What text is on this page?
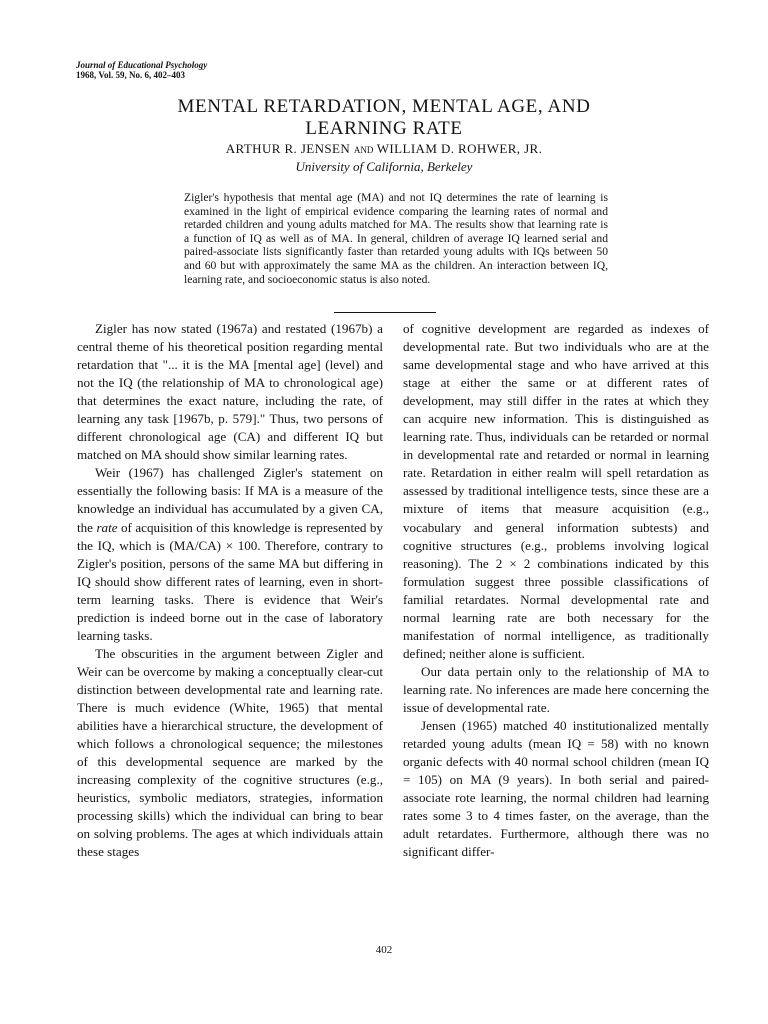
Journal of Educational Psychology
1968, Vol. 59, No. 6, 402–403
MENTAL RETARDATION, MENTAL AGE, AND
LEARNING RATE
ARTHUR R. JENSEN AND WILLIAM D. ROHWER, JR.
University of California, Berkeley
Zigler's hypothesis that mental age (MA) and not IQ determines the rate of learning is examined in the light of empirical evidence comparing the learning rates of normal and retarded children and young adults matched for MA. The results show that learning rate is a function of IQ as well as of MA. In general, children of average IQ learned serial and paired-associate lists significantly faster than retarded young adults with IQs between 50 and 60 but with approximately the same MA as the children. An interaction between IQ, learning rate, and socioeconomic status is also noted.

Zigler has now stated (1967a) and restated (1967b) a central theme of his theoretical position regarding mental retardation that "... it is the MA [mental age] (level) and not the IQ (the relationship of MA to chronological age) that determines the exact nature, including the rate, of learning any task [1967b, p. 579]." Thus, two persons of different chronological age (CA) and different IQ but matched on MA should show similar learning rates.

Weir (1967) has challenged Zigler's statement on essentially the following basis: If MA is a measure of the knowledge an individual has accumulated by a given CA, the rate of acquisition of this knowledge is represented by the IQ, which is (MA/CA) × 100. Therefore, contrary to Zigler's position, persons of the same MA but differing in IQ should show different rates of learning, even in short-term learning tasks. There is evidence that Weir's prediction is indeed borne out in the case of laboratory learning tasks.

The obscurities in the argument between Zigler and Weir can be overcome by making a conceptually clear-cut distinction between developmental rate and learning rate. There is much evidence (White, 1965) that mental abilities have a hierarchical structure, the development of which follows a chronological sequence; the milestones of this developmental sequence are marked by the increasing complexity of the cognitive structures (e.g., heuristics, symbolic mediators, strategies, information processing skills) which the individual can bring to bear on solving problems. The ages at which individuals attain these stages

of cognitive development are regarded as indexes of developmental rate. But two individuals who are at the same developmental stage and who have arrived at this stage at either the same or at different rates of development, may still differ in the rates at which they can acquire new information. This is distinguished as learning rate. Thus, individuals can be retarded or normal in developmental rate and retarded or normal in learning rate. Retardation in either realm will spell retardation as assessed by traditional intelligence tests, since these are a mixture of items that measure acquisition (e.g., vocabulary and general information subtests) and cognitive structures (e.g., problems involving logical reasoning). The 2 × 2 combinations indicated by this formulation suggest three possible classifications of familial retardates. Normal developmental rate and normal learning rate are both necessary for the manifestation of normal intelligence, as traditionally defined; neither alone is sufficient.

Our data pertain only to the relationship of MA to learning rate. No inferences are made here concerning the issue of developmental rate.

Jensen (1965) matched 40 institutionalized mentally retarded young adults (mean IQ = 58) with no known organic defects with 40 normal school children (mean IQ = 105) on MA (9 years). In both serial and paired-associate rote learning, the normal children had learning rates some 3 to 4 times faster, on the average, than the adult retardates. Furthermore, although there was no significant differ-

402
